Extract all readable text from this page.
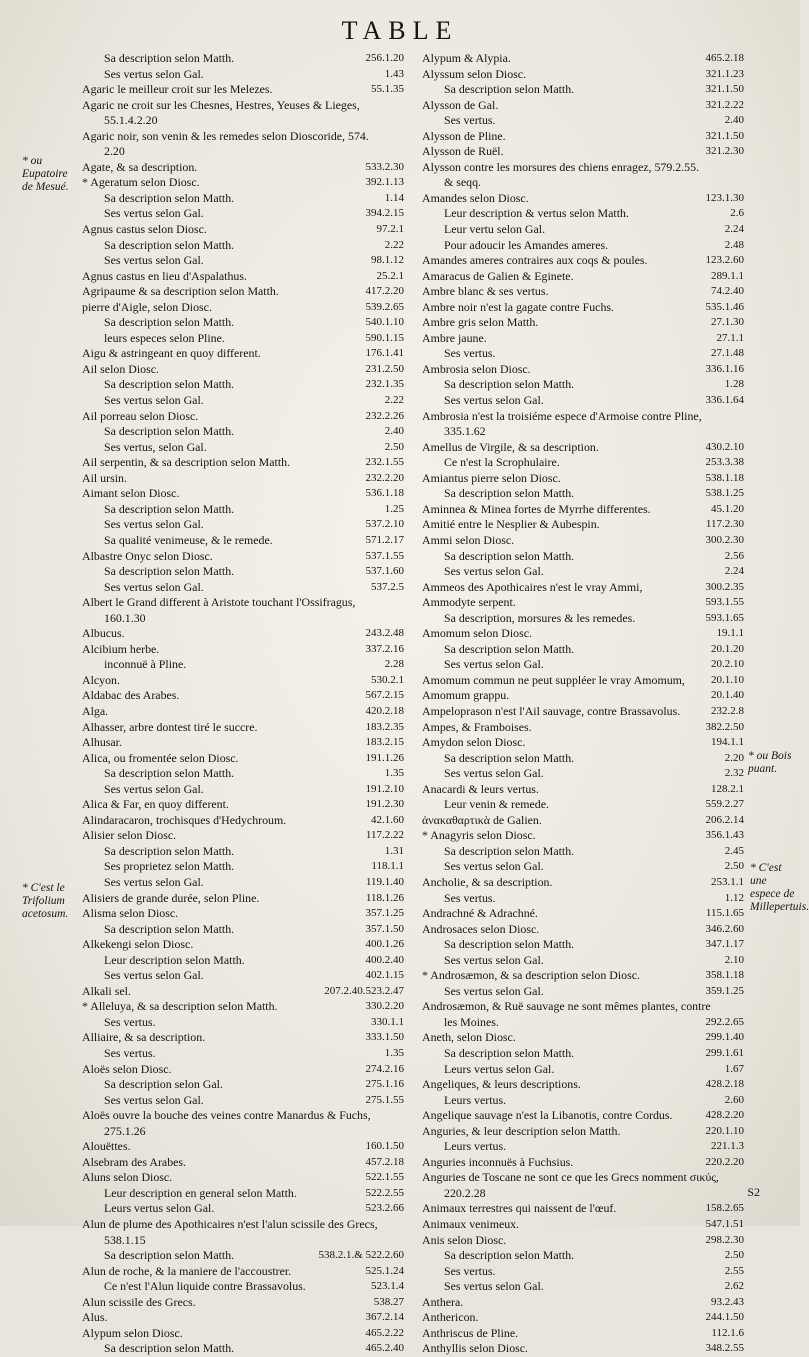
TABLE
* ou Eupatoire de Mesué.
* C'est le Trifolium acetosum.
* ou Bois puant.
* C'est une espece de Millepertuis.
Sa description selon Matth.	256.1.20
Ses vertus selon Gal.	1.43
Agaric le meilleur croit sur les Melezes.	55.1.35
Agaric ne croit sur les Chesnes, Hestres, Yeuses & Lieges,
55.1.4.2.20
Agaric noir, son venin & les remedes selon Dioscoride, 574.
2.20
Agate, & sa description.	533.2.30
* Ageratum selon Diosc.	392.1.13
Sa description selon Matth.	1.14
Ses vertus selon Gal.	394.2.15
Agnus castus selon Diosc.	97.2.1
Sa description selon Matth.	2.22
Ses vertus selon Gal.	98.1.12
Agnus castus en lieu d'Aspalathus.	25.2.1
Agripaume & sa description selon Matth.	417.2.20
pierre d'Aigle, selon Diosc.	539.2.65
Sa description selon Matth.	540.1.10
leurs especes selon Pline.	590.1.15
Aigu & astringeant en quoy different.	176.1.41
Ail selon Diosc.	231.2.50
Sa description selon Matth.	232.1.35
Ses vertus selon Gal.	2.22
Ail porreau selon Diosc.	232.2.26
Sa description selon Matth.	2.40
Ses vertus, selon Gal.	2.50
Ail serpentin, & sa description selon Matth.	232.1.55
Ail ursin.	232.2.20
Aimant selon Diosc.	536.1.18
Sa description selon Matth.	1.25
Ses vertus selon Gal.	537.2.10
Sa qualité venimeuse, & le remede.	571.2.17
Albastre Onyc selon Diosc.	537.1.55
Sa description selon Matth.	537.1.60
Ses vertus selon Gal.	537.2.5
Albert le Grand different à Aristote touchant l'Ossifragus,
160.1.30
Albucus.	243.2.48
Alcibium herbe.	337.2.16
inconnuë à Pline.	2.28
Alcyon.	530.2.1
Aldabac des Arabes.	567.2.15
Alga.	420.2.18
Alhasser, arbre dontest tiré le succre.	183.2.35
Alhusar.	183.2.15
Alica, ou fromentée selon Diosc.	191.1.26
Sa description selon Matth.	1.35
Ses vertus selon Gal.	191.2.10
Alica & Far, en quoy different.	191.2.30
Alindaracaron, trochisques d'Hedychroum.	42.1.60
Alisier selon Diosc.	117.2.22
Sa description selon Matth.	1.31
Ses proprietez selon Matth.	118.1.1
Ses vertus selon Gal.	119.1.40
Alisiers de grande durée, selon Pline.	118.1.26
Alisma selon Diosc.	357.1.25
Sa description selon Matth.	357.1.50
Alkekengi selon Diosc.	400.1.26
Leur description selon Matth.	400.2.40
Ses vertus selon Gal.	402.1.15
Alkali sel.	207.2.40.523.2.47
* Alleluya, & sa description selon Matth.	330.2.20
Ses vertus.	330.1.1
Alliaire, & sa description.	333.1.50
Ses vertus.	1.35
Aloës selon Diosc.	274.2.16
Sa description selon Gal.	275.1.16
Ses vertus selon Gal.	275.1.55
Aloës ouvre la bouche des veines contre Manardus & Fuchs,
275.1.26
Alouëttes.	160.1.50
Alsebram des Arabes.	457.2.18
Aluns selon Diosc.	522.1.55
Leur description en general selon Matth.	522.2.55
Leurs vertus selon Gal.	523.2.66
Alun de plume des Apothicaires n'est l'alun scissile des Grecs,
538.1.15
Sa description selon Matth.	538.2.1.& 522.2.60
Alun de roche, & la maniere de l'accoustrer.	525.1.24
Ce n'est l'Alun liquide contre Brassavolus.	523.1.4
Alun scissile des Grecs.	538.27
Alus.	367.2.14
Alypum selon Diosc.	465.2.22
Sa description selon Matth.	465.2.40
Alypum & Alypia.	465.2.18
Alyssum selon Diosc.	321.1.23
Sa description selon Matth.	321.1.50
Alysson de Gal.	321.2.22
Ses vertus.	2.40
Alysson de Pline.	321.1.50
Alysson de Ruël.	321.2.30
Alysson contre les morsures des chiens enragez, 579.2.55.
& seqq.
Amandes selon Diosc.	123.1.30
Leur description & vertus selon Matth.	2.6
Leur vertu selon Gal.	2.24
Pour adoucir les Amandes ameres.	2.48
Amandes ameres contraires aux coqs & poules.	123.2.60
Amaracus de Galien & Eginete.	289.1.1
Ambre blanc & ses vertus.	74.2.40
Ambre noir n'est la gagate contre Fuchs.	535.1.46
Ambre gris selon Matth.	27.1.30
Ambre jaune.	27.1.1
Ses vertus.	27.1.48
Ambrosia selon Diosc.	336.1.16
Sa description selon Matth.	1.28
Ses vertus selon Gal.	336.1.64
Ambrosia n'est la troisiéme espece d'Armoise contre Pline,
335.1.62
Amellus de Virgile, & sa description.	430.2.10
Ce n'est la Scrophulaire.	253.3.38
Amiantus pierre selon Diosc.	538.1.18
Sa description selon Matth.	538.1.25
Aminnea & Minea fortes de Myrrhe differentes.	45.1.20
Amitié entre le Nesplier & Aubespin.	117.2.30
Ammi selon Diosc.	300.2.30
Sa description selon Matth.	2.56
Ses vertus selon Gal.	2.24
Ammeos des Apothicaires n'est le vray Ammi,	300.2.35
Ammodyte serpent.	593.1.55
Sa description, morsures & les remedes.	593.1.65
Amomum selon Diosc.	19.1.1
Sa description selon Matth.	20.1.20
Ses vertus selon Gal.	20.2.10
Amomum commun ne peut suppléer le vray Amomum, 20.1.10
Amomum grappu.	20.1.40
Ampeloprason n'est l'Ail sauvage, contre Brassavolus.	232.2.8
Ampes, & Framboises.	382.2.50
Amydon selon Diosc.	194.1.1
Sa description selon Matth.	2.20
Ses vertus selon Gal.	2.32
Anacardi & leurs vertus.	128.2.1
Leur venin & remede.	559.2.27
ἀνακαθαρτικὰ de Galien.	206.2.14
* Anagyris selon Diosc.	356.1.43
Sa description selon Matth.	2.45
Ses vertus selon Gal.	2.50
Ancholie, & sa description.	253.1.1
Ses vertus.	1.12
Andrachné & Adrachné.	115.1.65
Androsaces selon Diosc.	346.2.60
Sa description selon Matth.	347.1.17
Ses vertus selon Gal.	2.10
* Androsæmon, & sa description selon Diosc.	358.1.18
Ses vertus selon Gal.	359.1.25
Androsæmon, & Ruë sauvage ne sont mêmes plantes, contre
les Moines.	292.2.65
Aneth, selon Diosc.	299.1.40
Sa description selon Matth.	299.1.61
Leurs vertus selon Gal.	1.67
Angeliques, & leurs descriptions.	428.2.18
Leurs vertus.	2.60
Angelique sauvage n'est la Libanotis, contre Cordus.	428.2.20
Anguries, & leur description selon Matth.	220.1.10
Leurs vertus.	221.1.3
Anguries inconnuës à Fuchsius.	220.2.20
Anguries de Toscane ne sont ce que les Grecs nomment σικύς,
220.2.28
Animaux terrestres qui naissent de l'œuf.	158.2.65
Animaux venimeux.	547.1.51
Anis selon Diosc.	298.2.30
Sa description selon Matth.	2.50
Ses vertus.	2.55
Ses vertus selon Gal.	2.62
Anthera.	93.2.43
Anthericon.	244.1.50
Anthriscus de Pline.	112.1.6
Anthyllis selon Diosc.	348.2.55
S2
